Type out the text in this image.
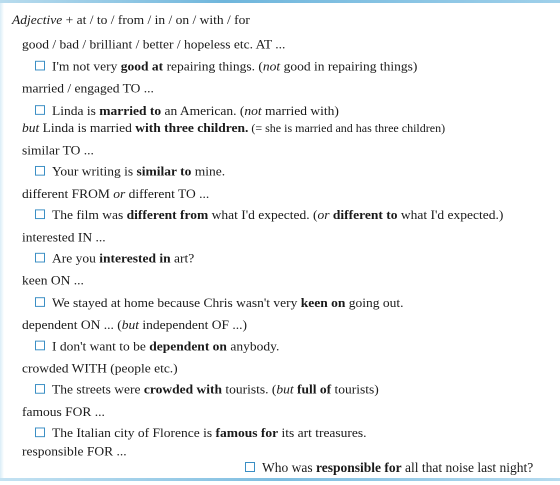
Adjective + at / to / from / in / on / with / for
good / bad / brilliant / better / hopeless etc. AT ...
I'm not very good at repairing things. (not good in repairing things)
married / engaged TO ...
Linda is married to an American. (not married with)
but Linda is married with three children. (= she is married and has three children)
similar TO ...
Your writing is similar to mine.
different FROM or different TO ...
The film was different from what I'd expected. (or different to what I'd expected.)
interested IN ...
Are you interested in art?
keen ON ...
We stayed at home because Chris wasn't very keen on going out.
dependent ON ... (but independent OF ...)
I don't want to be dependent on anybody.
crowded WITH (people etc.)
The streets were crowded with tourists. (but full of tourists)
famous FOR ...
The Italian city of Florence is famous for its art treasures.
responsible FOR ...
Who was responsible for all that noise last night?
